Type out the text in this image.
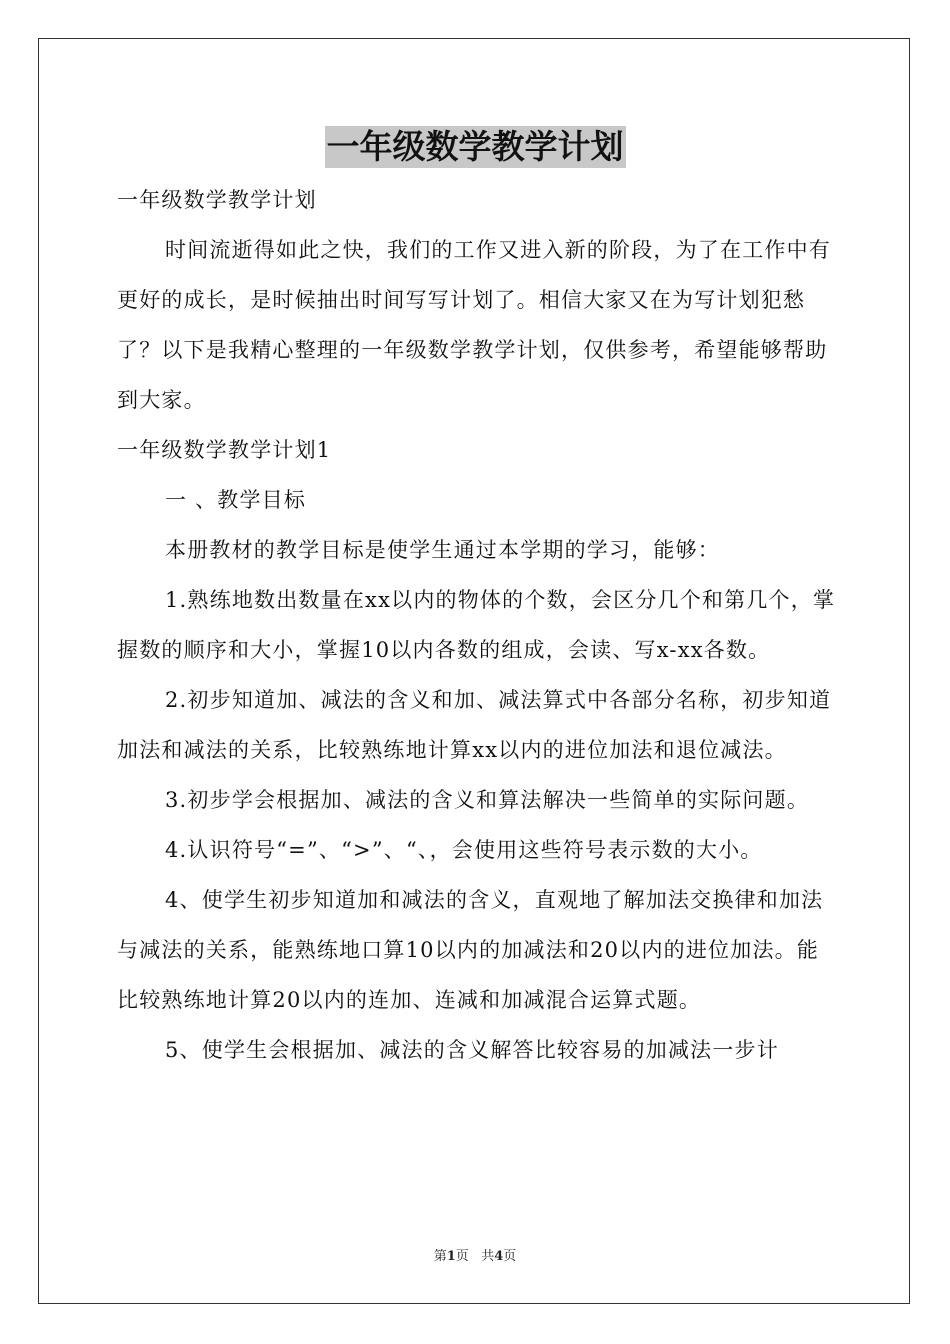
一年级数学教学计划

一年级数学教学计划

时间流逝得如此之快，我们的工作又进入新的阶段，为了在工作中有更好的成长，是时候抽出时间写写计划了。相信大家又在为写计划犯愁了？以下是我精心整理的一年级数学教学计划，仅供参考，希望能够帮助到大家。

一年级数学教学计划1

一 、教学目标

本册教材的教学目标是使学生通过本学期的学习，能够：

1.熟练地数出数量在xx以内的物体的个数，会区分几个和第几个，掌握数的顺序和大小，掌握10以内各数的组成，会读、写x-xx各数。

2.初步知道加、减法的含义和加、减法算式中各部分名称，初步知道加法和减法的关系，比较熟练地计算xx以内的进位加法和退位减法。

3.初步学会根据加、减法的含义和算法解决一些简单的实际问题。

4.认识符号“=”、“>”、“、，会使用这些符号表示数的大小。

4、使学生初步知道加和减法的含义，直观地了解加法交换律和加法与减法的关系，能熟练地口算10以内的加减法和20以内的进位加法。能比较熟练地计算20以内的连加、连减和加减混合运算式题。

5、使学生会根据加、减法的含义解答比较容易的加减法一步计

第1页 共4页
